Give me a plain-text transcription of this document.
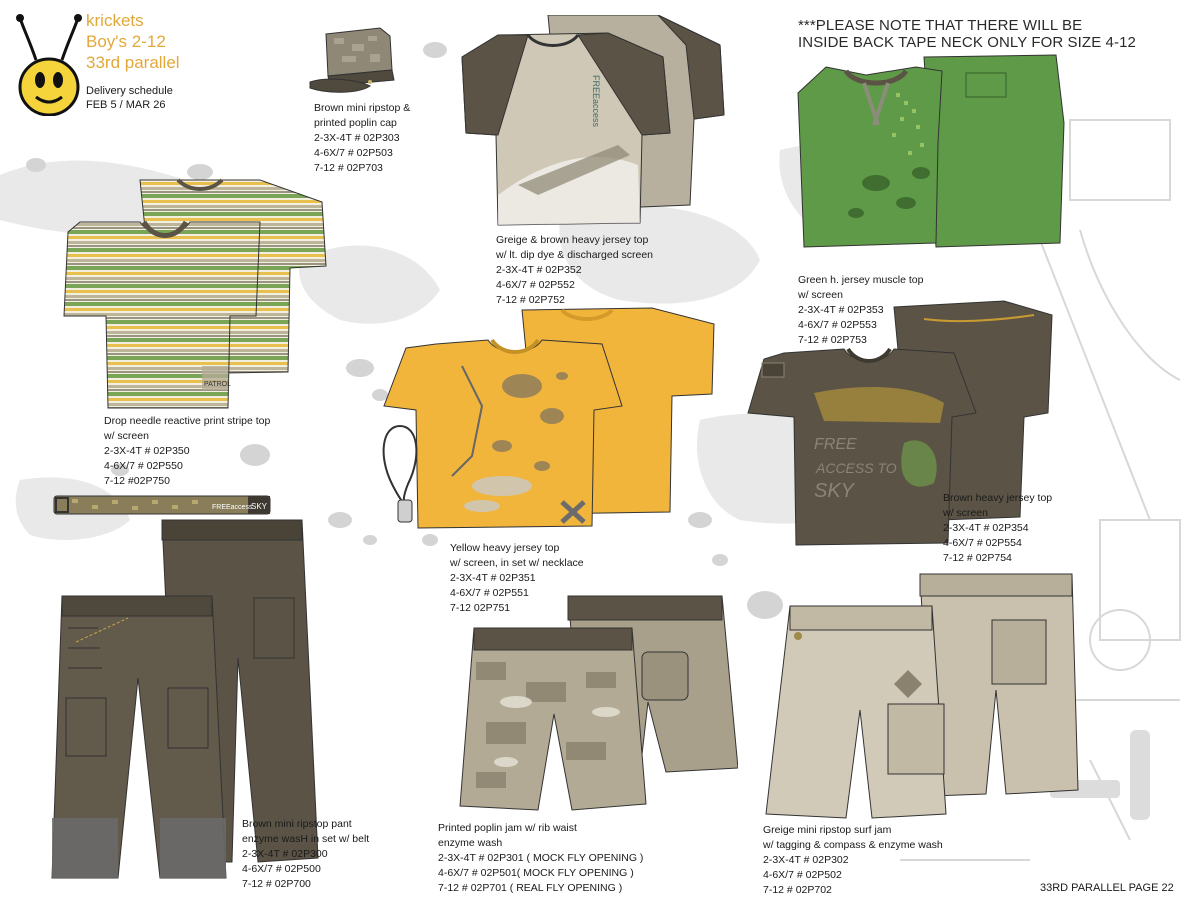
krickets
Boy's 2-12
33rd parallel
Delivery schedule
FEB 5 / MAR 26
***PLEASE NOTE THAT THERE WILL BE
INSIDE BACK TAPE NECK ONLY FOR SIZE 4-12
Brown mini ripstop &
printed poplin cap
2-3X-4T # 02P303
4-6X/7 # 02P503
7-12 # 02P703
FREEaccess
Greige & brown heavy jersey top
w/ lt. dip dye & discharged screen
2-3X-4T # 02P352
4-6X/7 # 02P552
7-12 # 02P752
Green h. jersey muscle top
w/ screen
2-3X-4T # 02P353
4-6X/7 # 02P553
7-12 # 02P753
PATROL
Drop needle reactive print stripe top
w/ screen
2-3X-4T # 02P350
4-6X/7 # 02P550
7-12 #02P750
Yellow heavy jersey top
w/ screen, in set w/ necklace
2-3X-4T # 02P351
4-6X/7 # 02P551
7-12 02P751
FREE
ACCESS TO
SKY	Brown heavy jersey top
w/ screen
2-3X-4T # 02P354
4-6X/7 # 02P554
7-12 # 02P754
FREEaccess
SKY
Brown mini ripstop pant
enzyme wasH in set w/ belt
2-3X-4T # 02P300
4-6X/7 # 02P500
7-12 # 02P700
Printed poplin jam w/ rib waist
enzyme wash
2-3X-4T # 02P301 ( MOCK FLY OPENING )
4-6X/7 # 02P501( MOCK FLY OPENING )
7-12 # 02P701 ( REAL FLY OPENING )
Greige mini ripstop surf jam
w/ tagging & compass & enzyme wash
2-3X-4T # 02P302
4-6X/7 # 02P502
7-12 # 02P702	33RD PARALLEL PAGE 22
